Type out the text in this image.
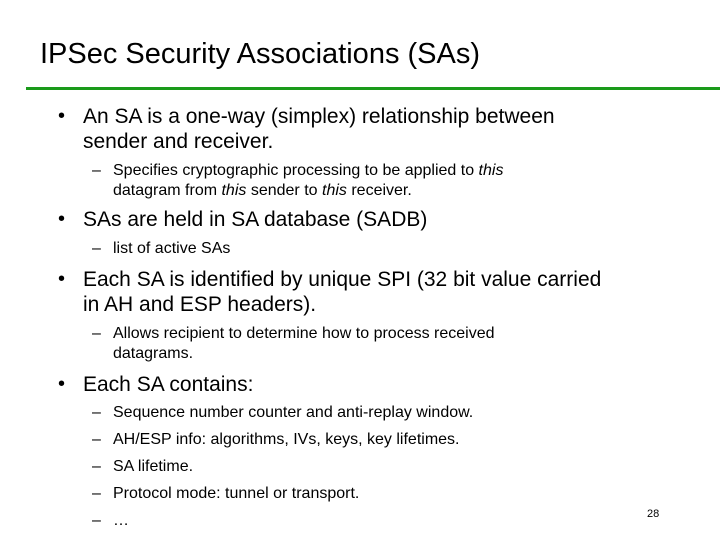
IPSec Security Associations (SAs)
• An SA is a one-way (simplex) relationship between
sender and receiver.
– Specifies cryptographic processing to be applied to this
datagram from this sender to this receiver.
• SAs are held in SA database (SADB)
– list of active SAs
• Each SA is identified by unique SPI (32 bit value carried
in AH and ESP headers).
– Allows recipient to determine how to process received
datagrams.
• Each SA contains:
– Sequence number counter and anti-replay window.
– AH/ESP info: algorithms, IVs, keys, key lifetimes.
– SA lifetime.
– Protocol mode: tunnel or transport.
– …	28
